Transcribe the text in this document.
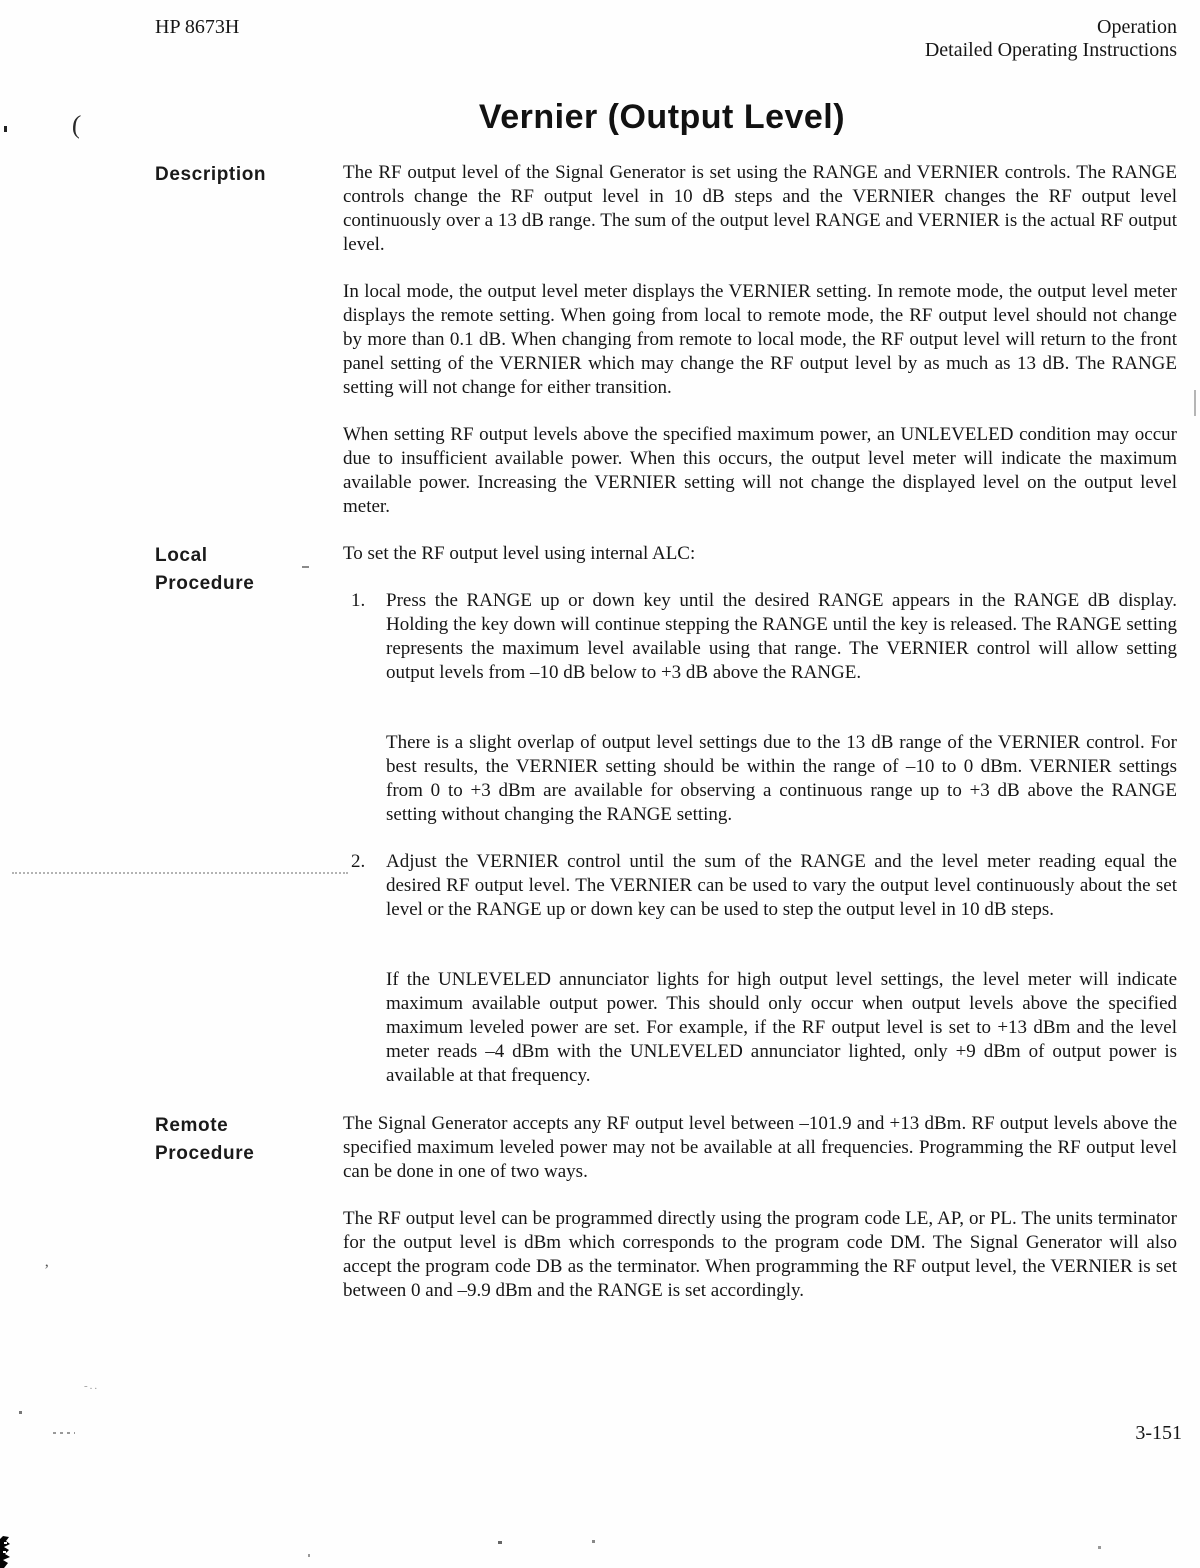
HP 8673H	Operation
Detailed Operating Instructions
Vernier (Output Level)
Description	The RF output level of the Signal Generator is set using the RANGE and VERNIER controls. The RANGE controls change the RF output level in 10 dB steps and the VERNIER changes the RF output level continuously over a 13 dB range. The sum of the output level RANGE and VERNIER is the actual RF output level.

In local mode, the output level meter displays the VERNIER setting. In remote mode, the output level meter displays the remote setting. When going from local to remote mode, the RF output level should not change by more than 0.1 dB. When changing from remote to local mode, the RF output level will return to the front panel setting of the VERNIER which may change the RF output level by as much as 13 dB. The RANGE setting will not change for either transition.

When setting RF output levels above the specified maximum power, an UNLEVELED condition may occur due to insufficient available power. When this occurs, the output level meter will indicate the maximum available power. Increasing the VERNIER setting will not change the displayed level on the output level meter.

Local
Procedure

To set the RF output level using internal ALC:

1.	Press the RANGE up or down key until the desired RANGE appears in the RANGE dB display. Holding the key down will continue stepping the RANGE until the key is released. The RANGE setting represents the maximum level available using that range. The VERNIER control will allow setting output levels from –10 dB below to +3 dB above the RANGE.

There is a slight overlap of output level settings due to the 13 dB range of the VERNIER control. For best results, the VERNIER setting should be within the range of –10 to 0 dBm. VERNIER settings from 0 to +3 dBm are available for observing a continuous range up to +3 dB above the RANGE setting without changing the RANGE setting.

2.	Adjust the VERNIER control until the sum of the RANGE and the level meter reading equal the desired RF output level. The VERNIER can be used to vary the output level continuously about the set level or the RANGE up or down key can be used to step the output level in 10 dB steps.

If the UNLEVELED annunciator lights for high output level settings, the level meter will indicate maximum available output power. This should only occur when output levels above the specified maximum leveled power are set. For example, if the RF output level is set to +13 dBm and the level meter reads –4 dBm with the UNLEVELED annunciator lighted, only +9 dBm of output power is available at that frequency.

Remote
Procedure

The Signal Generator accepts any RF output level between –101.9 and +13 dBm. RF output levels above the specified maximum leveled power may not be available at all frequencies. Programming the RF output level can be done in one of two ways.

The RF output level can be programmed directly using the program code LE, AP, or PL. The units terminator for the output level is dBm which corresponds to the program code DM. The Signal Generator will also accept the program code DB as the terminator. When programming the RF output level, the VERNIER is set between 0 and –9.9 dBm and the RANGE is set accordingly.

3-151
(
’
-..
